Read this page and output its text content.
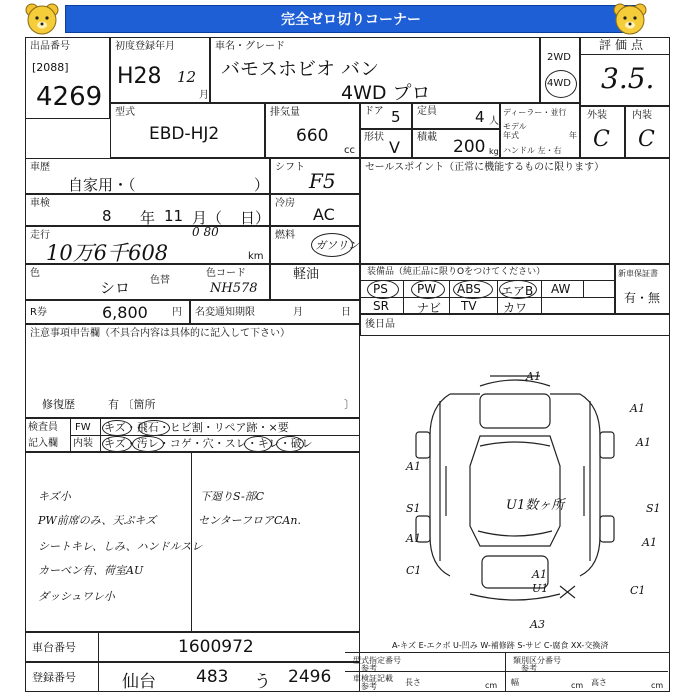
完全ゼロ切りコーナー
出品番号
[2088]
4269
初度登録年月
H28 12
月
車名・グレード
バモスホビオ バン
4WD プロ
2WD
4WD
評価点
3.5.
型式
EBD-HJ2
排気量
660
cc
ドア 5 定員	4 人
ディーラー・並行
モデル
年式	年
ハンドル 左・右
形状
V
積載 200 kg
外装
C
内装
C
車歴
自家用・（	）
シフト
F5
車検
8 年 11 月（ 日）
冷房
AC
走行	0 80
10万6千608	km
燃料
ガソリン
軽油
色
シロ 色替
色コード
NH578
セールスポイント（正常に機能するものに限ります）
装備品（純正品に限りOをつけてください）
PS PW ABS エアB AW
SR ナビ TV カワ
新車保証書
有・無
R券	6,800 円 名変通知期限	月	日
後日品
注意事項申告欄（不具合内容は具体的に記入して下さい）
修復歴	有 〔箇所	〕
検査員
記入欄
FW キズ・飛石・ヒビ割・リペア跡・×要
内装 キズ・汚レ・コゲ・穴・スレ・キレ・破レ
キズ小
PW前席のみ、天ぷキズ
シートキレ、しみ、ハンドルスレ
カーベン有、荷室AU
ダッシュワレ小
下廻りS-部C
センターフロアCAn.
A1
A1
A1
A1
S1	S1
A1	A1
C1
C1
U1数ヶ所
A1
U1
A3
車台番号	1600972
登録番号	仙台 483 う 2496
A-キズ E-エクボ U-凹み W-補修跡 S-サビ C-腐食 XX-交換済
型式指定番号
参考
類別区分番号
参考
車検証記載
参考	長さ	cm 幅	cm 高さ	cm
